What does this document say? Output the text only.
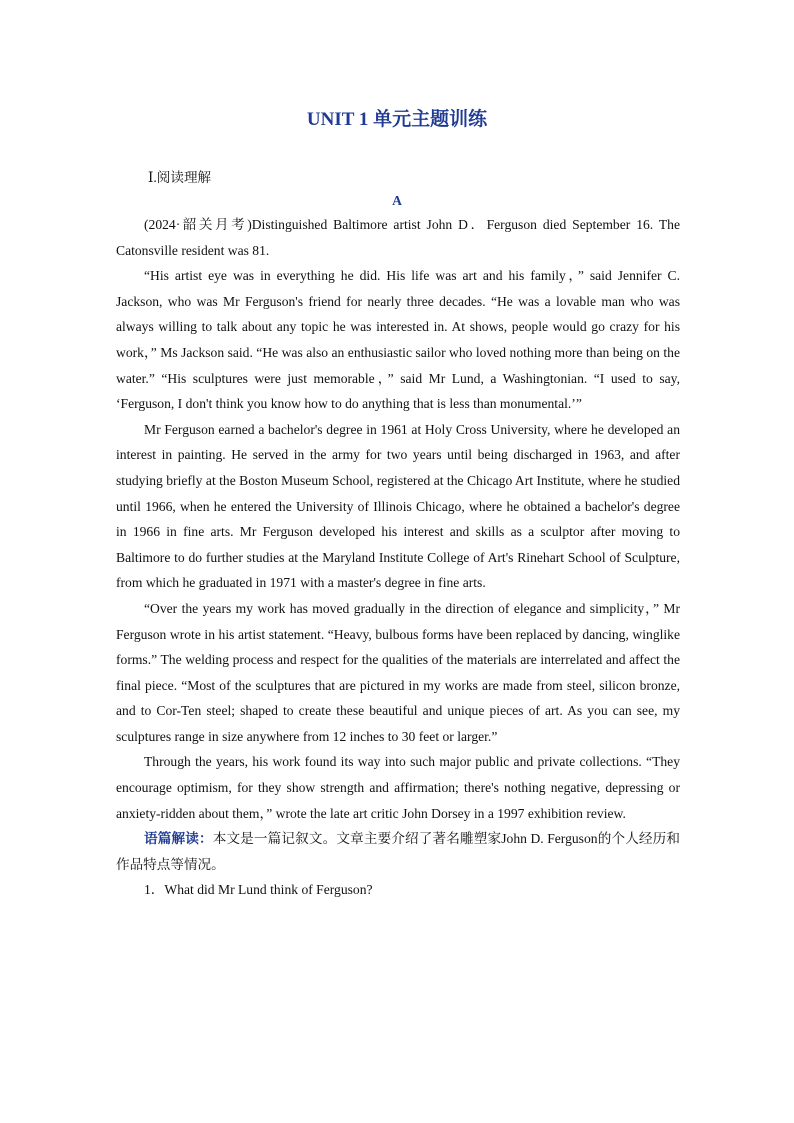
UNIT 1 单元主题训练
Ⅰ.阅读理解
A

(2024·韶关月考)Distinguished Baltimore artist John D．Ferguson died September 16. The Catonsville resident was 81.

“His artist eye was in everything he did. His life was art and his family，” said Jennifer C. Jackson, who was Mr Ferguson's friend for nearly three decades. “He was a lovable man who was always willing to talk about any topic he was interested in. At shows, people would go crazy for his work，” Ms Jackson said. “He was also an enthusiastic sailor who loved nothing more than being on the water.” “His sculptures were just memorable，” said Mr Lund, a Washingtonian. “I used to say, ‘Ferguson, I don't think you know how to do anything that is less than monumental.’”

Mr Ferguson earned a bachelor's degree in 1961 at Holy Cross University, where he developed an interest in painting. He served in the army for two years until being discharged in 1963, and after studying briefly at the Boston Museum School, registered at the Chicago Art Institute, where he studied until 1966, when he entered the University of Illinois Chicago, where he obtained a bachelor's degree in 1966 in fine arts. Mr Ferguson developed his interest and skills as a sculptor after moving to Baltimore to do further studies at the Maryland Institute College of Art's Rinehart School of Sculpture, from which he graduated in 1971 with a master's degree in fine arts.

“Over the years my work has moved gradually in the direction of elegance and simplicity，” Mr Ferguson wrote in his artist statement. “Heavy, bulbous forms have been replaced by dancing, winglike forms.” The welding process and respect for the qualities of the materials are interrelated and affect the final piece. “Most of the sculptures that are pictured in my works are made from steel, silicon bronze, and to Cor-Ten steel; shaped to create these beautiful and unique pieces of art. As you can see, my sculptures range in size anywhere from 12 inches to 30 feet or larger.”

Through the years, his work found its way into such major public and private collections. “They encourage optimism, for they show strength and affirmation; there's nothing negative, depressing or anxiety-ridden about them，” wrote the late art critic John Dorsey in a 1997 exhibition review.

语篇解读：本文是一篇记叙文。文章主要介绍了著名雕塑家John D. Ferguson的个人经历和作品特点等情况。

1．What did Mr Lund think of Ferguson?
